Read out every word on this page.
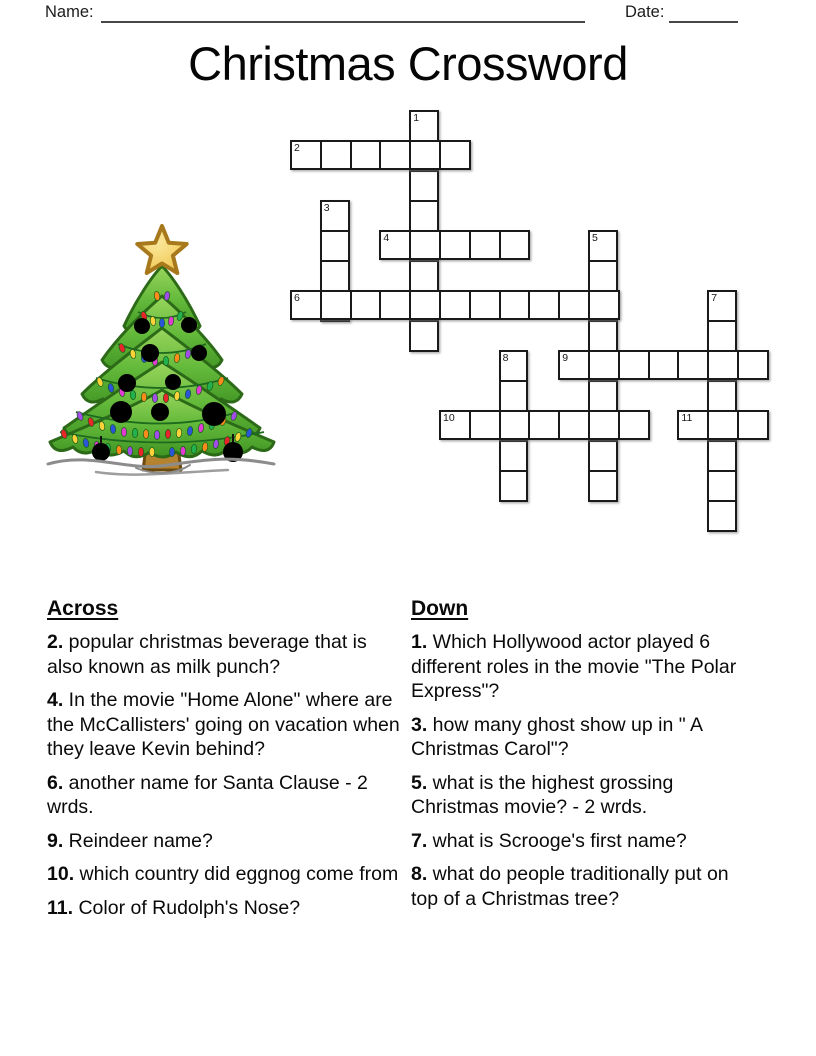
Name:	Date:
Christmas Crossword
1
2
3
4	5
6	7
8	9
10	11
Across

2. popular christmas beverage that is also known as milk punch?

4. In the movie "Home Alone" where are the McCallisters' going on vacation when they leave Kevin behind?

6. another name for Santa Clause - 2 wrds.

9. Reindeer name?

10. which country did eggnog come from

11. Color of Rudolph's Nose?

Down

1. Which Hollywood actor played 6 different roles in the movie "The Polar Express"?

3. how many ghost show up in " A Christmas Carol"?

5. what is the highest grossing Christmas movie? - 2 wrds.

7. what is Scrooge's first name?

8. what do people traditionally put on top of a Christmas tree?
